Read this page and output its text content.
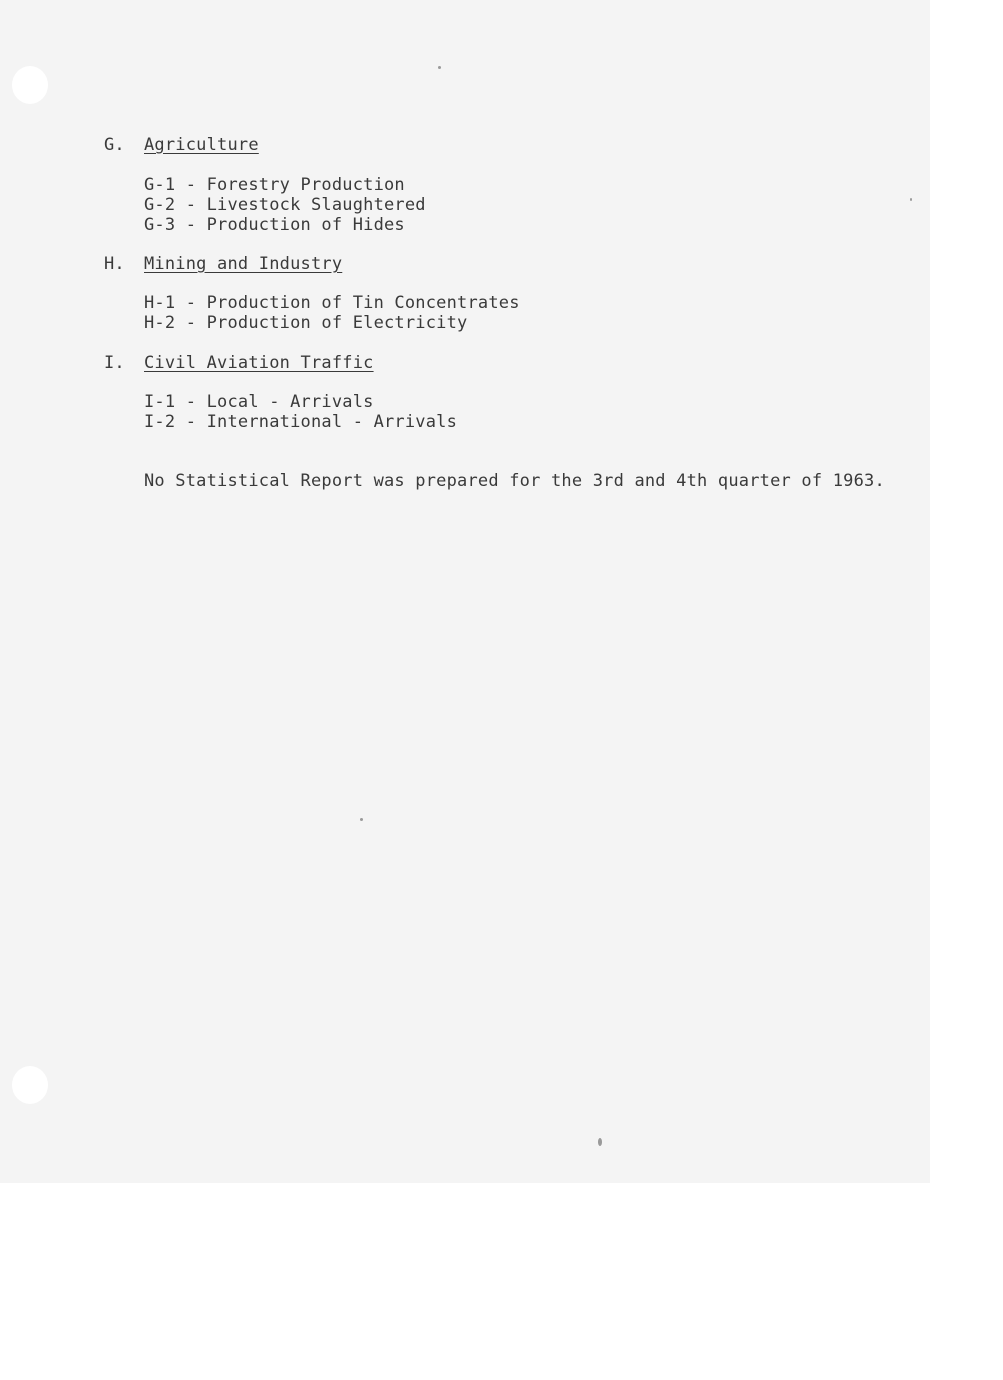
G. Agriculture
G-1 - Forestry Production
G-2 - Livestock Slaughtered
G-3 - Production of Hides
H. Mining and Industry
H-1 - Production of Tin Concentrates
H-2 - Production of Electricity
I. Civil Aviation Traffic
I-1 - Local - Arrivals
I-2 - International - Arrivals
No Statistical Report was prepared for the 3rd and 4th quarter of 1963.
